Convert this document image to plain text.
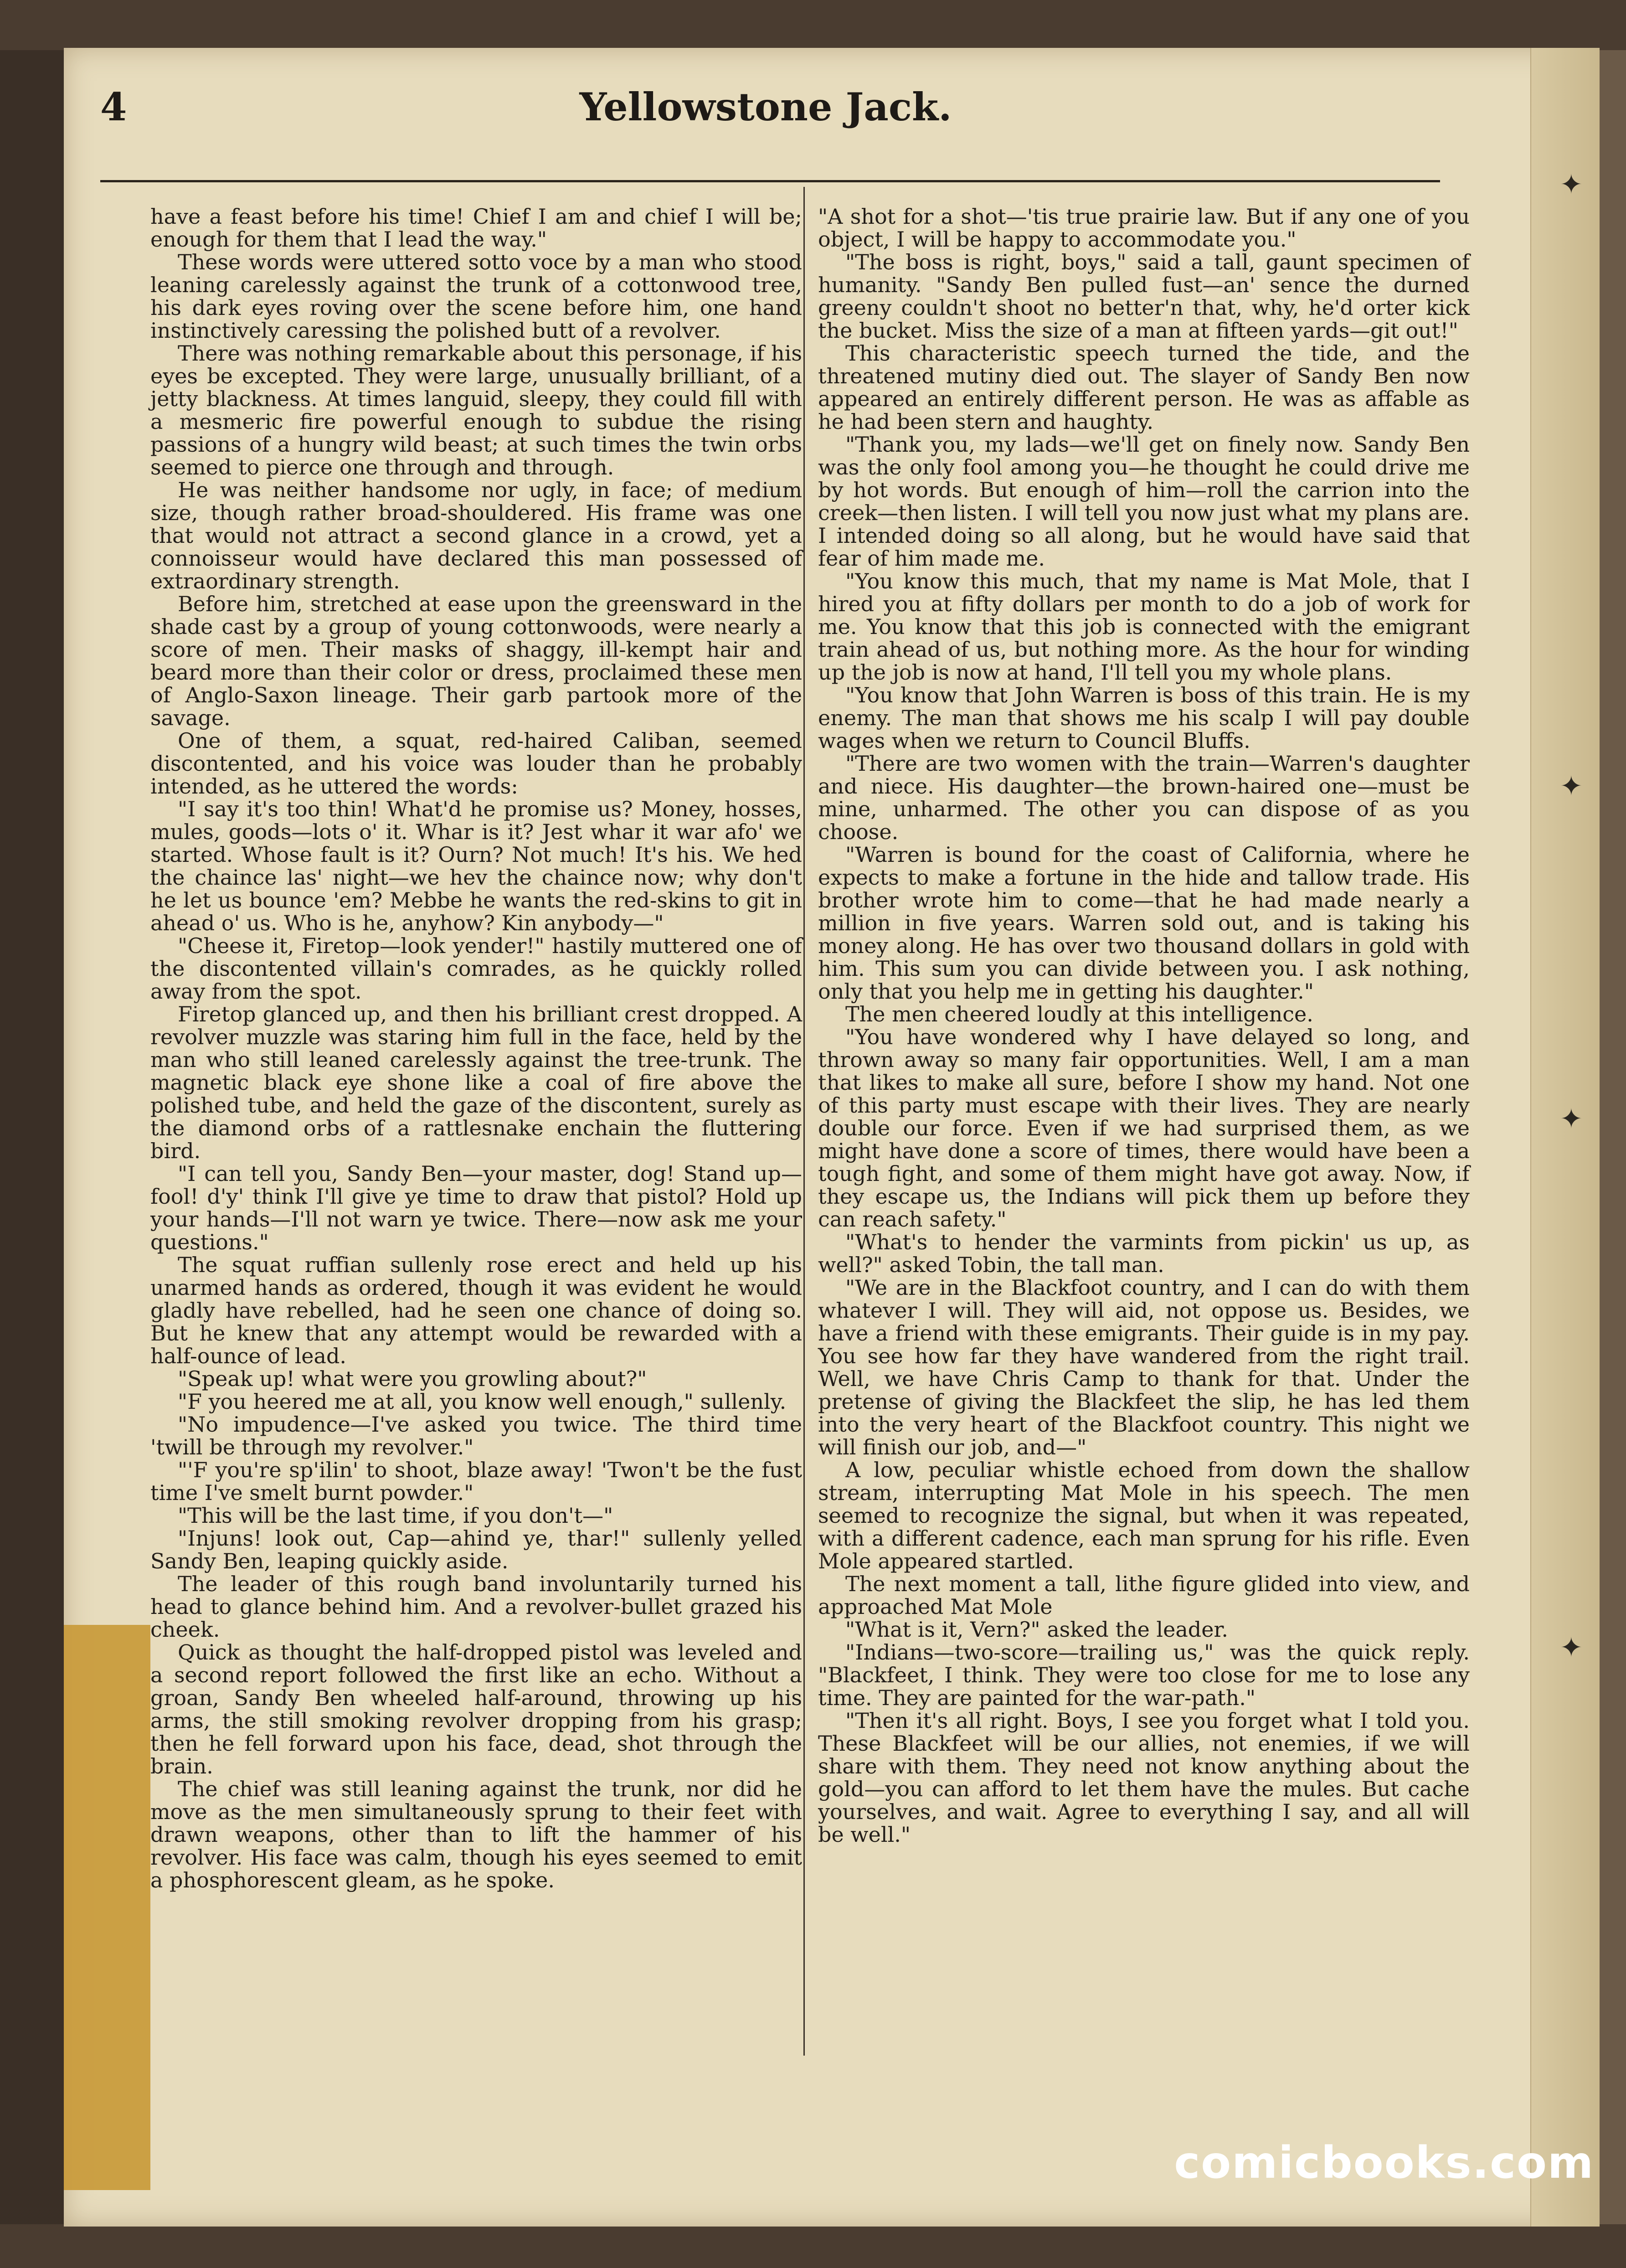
4	Yellowstone Jack.

have a feast before his time! Chief I am and chief I will be; enough for them that I lead the way."

These words were uttered sotto voce by a man who stood leaning carelessly against the trunk of a cottonwood tree, his dark eyes roving over the scene before him, one hand instinctively caressing the polished butt of a revolver.

There was nothing remarkable about this personage, if his eyes be excepted. They were large, unusually brilliant, of a jetty blackness. At times languid, sleepy, they could fill with a mesmeric fire powerful enough to subdue the rising passions of a hungry wild beast; at such times the twin orbs seemed to pierce one through and through.

He was neither handsome nor ugly, in face; of medium size, though rather broad-shouldered. His frame was one that would not attract a second glance in a crowd, yet a connoisseur would have declared this man possessed of extraordinary strength.

Before him, stretched at ease upon the greensward in the shade cast by a group of young cottonwoods, were nearly a score of men. Their masks of shaggy, ill-kempt hair and beard more than their color or dress, proclaimed these men of Anglo-Saxon lineage. Their garb partook more of the savage.

One of them, a squat, red-haired Caliban, seemed discontented, and his voice was louder than he probably intended, as he uttered the words:

"I say it's too thin! What'd he promise us? Money, hosses, mules, goods—lots o' it. Whar is it? Jest whar it war afo' we started. Whose fault is it? Ourn? Not much! It's his. We hed the chaince las' night—we hev the chaince now; why don't he let us bounce 'em? Mebbe he wants the red-skins to git in ahead o' us. Who is he, anyhow? Kin anybody—"

"Cheese it, Firetop—look yender!" hastily muttered one of the discontented villain's comrades, as he quickly rolled away from the spot.

Firetop glanced up, and then his brilliant crest dropped. A revolver muzzle was staring him full in the face, held by the man who still leaned carelessly against the tree-trunk. The magnetic black eye shone like a coal of fire above the polished tube, and held the gaze of the discontent, surely as the diamond orbs of a rattlesnake enchain the fluttering bird.

"I can tell you, Sandy Ben—your master, dog! Stand up—fool! d'y' think I'll give ye time to draw that pistol? Hold up your hands—I'll not warn ye twice. There—now ask me your questions."

The squat ruffian sullenly rose erect and held up his unarmed hands as ordered, though it was evident he would gladly have rebelled, had he seen one chance of doing so. But he knew that any attempt would be rewarded with a half-ounce of lead.

"Speak up! what were you growling about?"

"F you heered me at all, you know well enough," sullenly.

"No impudence—I've asked you twice. The third time 'twill be through my revolver."

"'F you're sp'ilin' to shoot, blaze away! 'Twon't be the fust time I've smelt burnt powder."

"This will be the last time, if you don't—"

"Injuns! look out, Cap—ahind ye, thar!" sullenly yelled Sandy Ben, leaping quickly aside.

The leader of this rough band involuntarily turned his head to glance behind him. And a revolver-bullet grazed his cheek.

Quick as thought the half-dropped pistol was leveled and a second report followed the first like an echo. Without a groan, Sandy Ben wheeled half-around, throwing up his arms, the still smoking revolver dropping from his grasp; then he fell forward upon his face, dead, shot through the brain.

The chief was still leaning against the trunk, nor did he move as the men simultaneously sprung to their feet with drawn weapons, other than to lift the hammer of his revolver. His face was calm, though his eyes seemed to emit a phosphorescent gleam, as he spoke.

"A shot for a shot—'tis true prairie law. But if any one of you object, I will be happy to accommodate you."

"The boss is right, boys," said a tall, gaunt specimen of humanity. "Sandy Ben pulled fust—an' sence the durned greeny couldn't shoot no better'n that, why, he'd orter kick the bucket. Miss the size of a man at fifteen yards—git out!"

This characteristic speech turned the tide, and the threatened mutiny died out. The slayer of Sandy Ben now appeared an entirely different person. He was as affable as he had been stern and haughty.

"Thank you, my lads—we'll get on finely now. Sandy Ben was the only fool among you—he thought he could drive me by hot words. But enough of him—roll the carrion into the creek—then listen. I will tell you now just what my plans are. I intended doing so all along, but he would have said that fear of him made me.

"You know this much, that my name is Mat Mole, that I hired you at fifty dollars per month to do a job of work for me. You know that this job is connected with the emigrant train ahead of us, but nothing more. As the hour for winding up the job is now at hand, I'll tell you my whole plans.

"You know that John Warren is boss of this train. He is my enemy. The man that shows me his scalp I will pay double wages when we return to Council Bluffs.

"There are two women with the train—Warren's daughter and niece. His daughter—the brown-haired one—must be mine, unharmed. The other you can dispose of as you choose.

"Warren is bound for the coast of California, where he expects to make a fortune in the hide and tallow trade. His brother wrote him to come—that he had made nearly a million in five years. Warren sold out, and is taking his money along. He has over two thousand dollars in gold with him. This sum you can divide between you. I ask nothing, only that you help me in getting his daughter."

The men cheered loudly at this intelligence.

"You have wondered why I have delayed so long, and thrown away so many fair opportunities. Well, I am a man that likes to make all sure, before I show my hand. Not one of this party must escape with their lives. They are nearly double our force. Even if we had surprised them, as we might have done a score of times, there would have been a tough fight, and some of them might have got away. Now, if they escape us, the Indians will pick them up before they can reach safety."

"What's to hender the varmints from pickin' us up, as well?" asked Tobin, the tall man.

"We are in the Blackfoot country, and I can do with them whatever I will. They will aid, not oppose us. Besides, we have a friend with these emigrants. Their guide is in my pay. You see how far they have wandered from the right trail. Well, we have Chris Camp to thank for that. Under the pretense of giving the Blackfeet the slip, he has led them into the very heart of the Blackfoot country. This night we will finish our job, and—"

A low, peculiar whistle echoed from down the shallow stream, interrupting Mat Mole in his speech. The men seemed to recognize the signal, but when it was repeated, with a different cadence, each man sprung for his rifle. Even Mole appeared startled.

The next moment a tall, lithe figure glided into view, and approached Mat Mole

"What is it, Vern?" asked the leader.

"Indians—two-score—trailing us," was the quick reply. "Blackfeet, I think. They were too close for me to lose any time. They are painted for the war-path."

"Then it's all right. Boys, I see you forget what I told you. These Blackfeet will be our allies, not enemies, if we will share with them. They need not know anything about the gold—you can afford to let them have the mules. But cache yourselves, and wait. Agree to everything I say, and all will be well."

✦
✦
✦
✦
comicbooks.com
